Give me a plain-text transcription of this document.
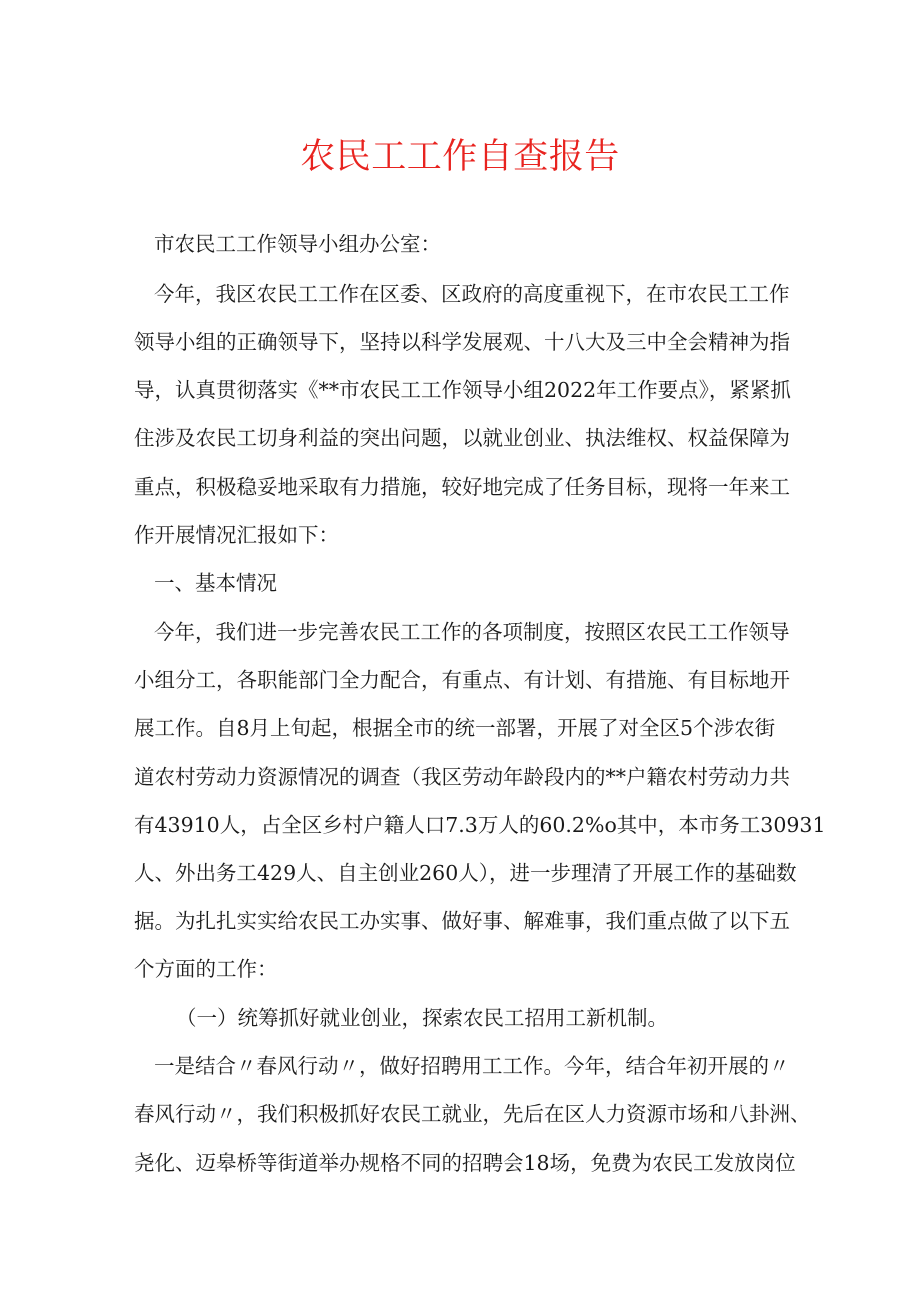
农民工工作自查报告
市农民工工作领导小组办公室：
今年，我区农民工工作在区委、区政府的高度重视下，在市农民工工作
领导小组的正确领导下，坚持以科学发展观、十八大及三中全会精神为指
导，认真贯彻落实《**市农民工工作领导小组2022年工作要点》，紧紧抓
住涉及农民工切身利益的突出问题，以就业创业、执法维权、权益保障为
重点，积极稳妥地采取有力措施，较好地完成了任务目标，现将一年来工
作开展情况汇报如下：
一、基本情况
今年，我们进一步完善农民工工作的各项制度，按照区农民工工作领导
小组分工，各职能部门全力配合，有重点、有计划、有措施、有目标地开
展工作。自8月上旬起，根据全市的统一部署，开展了对全区5个涉农街
道农村劳动力资源情况的调查（我区劳动年龄段内的**户籍农村劳动力共
有43910人，占全区乡村户籍人口7.3万人的60.2%o其中，本市务工30931
人、外出务工429人、自主创业260人），进一步理清了开展工作的基础数
据。为扎扎实实给农民工办实事、做好事、解难事，我们重点做了以下五
个方面的工作：
（一）统筹抓好就业创业，探索农民工招用工新机制。
一是结合〃春风行动〃，做好招聘用工工作。今年，结合年初开展的〃
春风行动〃，我们积极抓好农民工就业，先后在区人力资源市场和八卦洲、
尧化、迈皋桥等街道举办规格不同的招聘会18场，免费为农民工发放岗位
